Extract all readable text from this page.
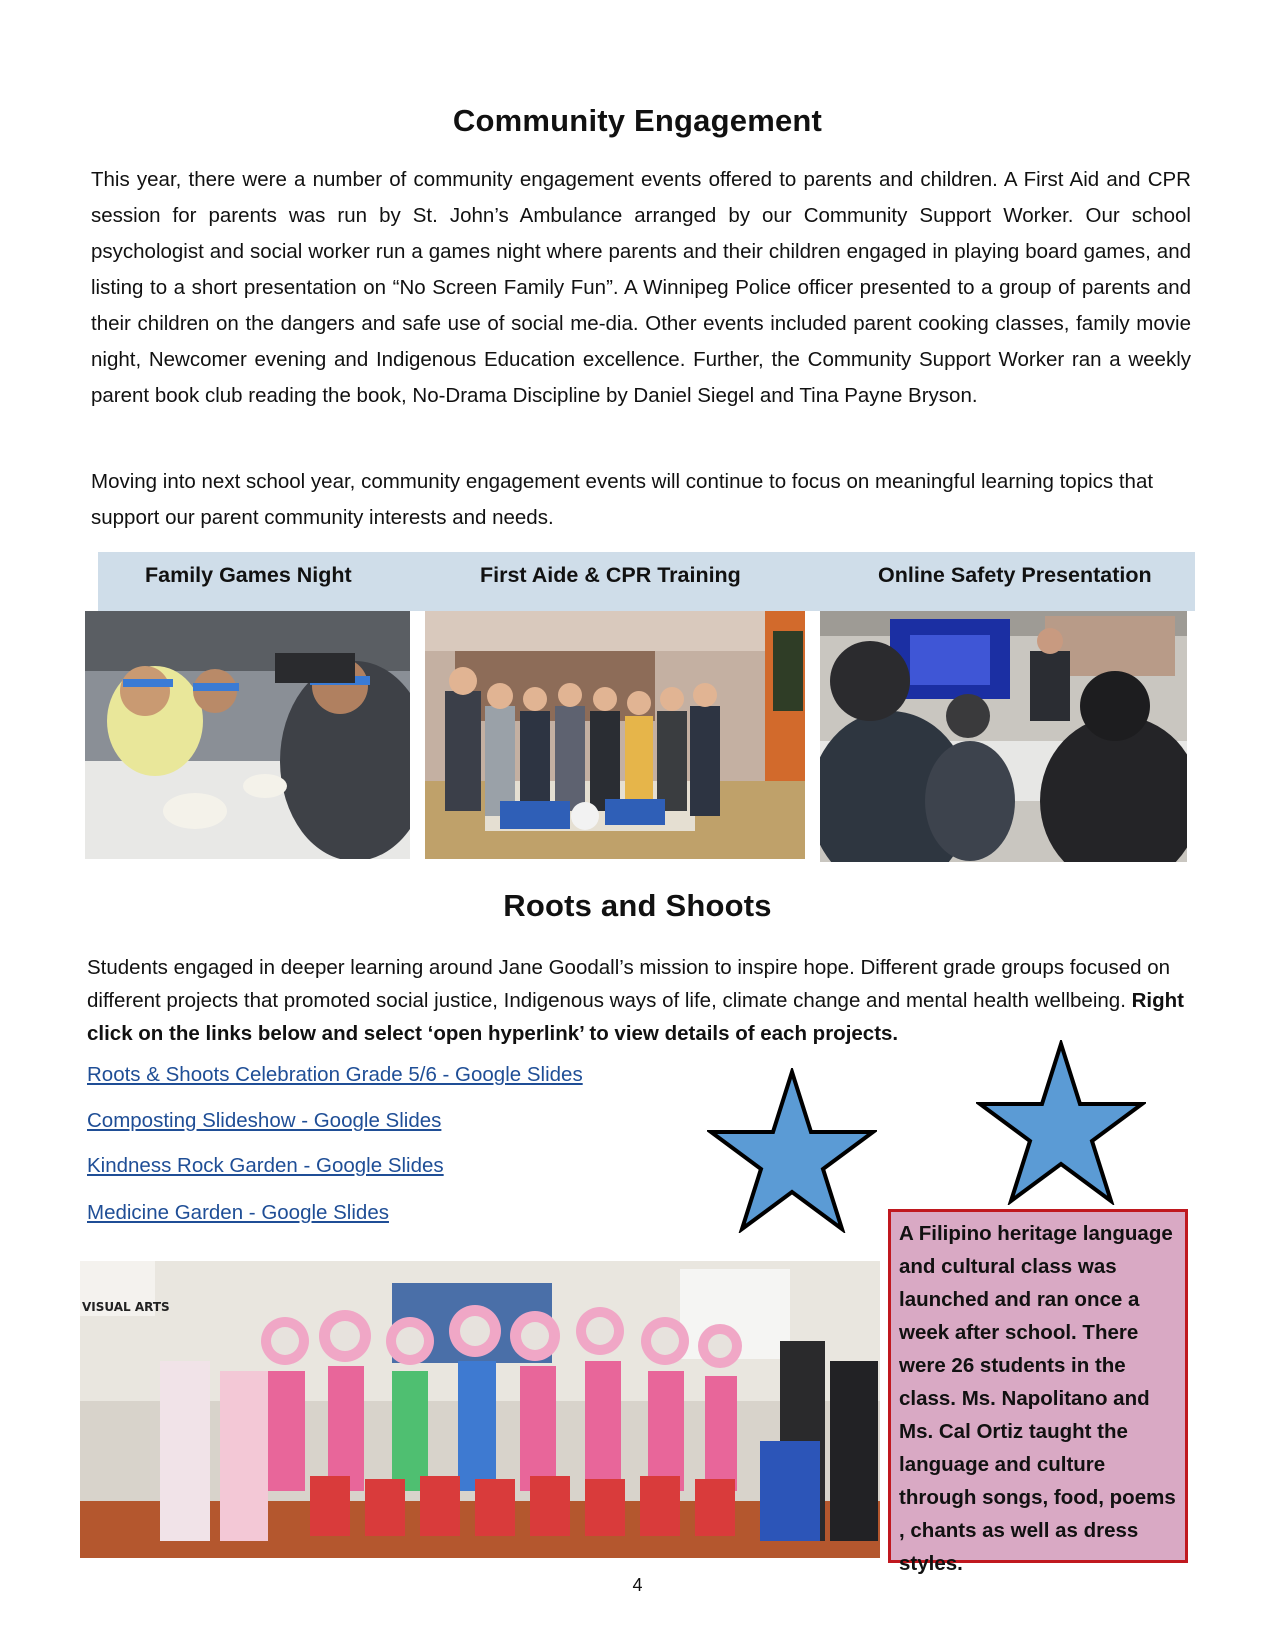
Community Engagement

This year, there were a number of community engagement events offered to parents and children. A First Aid and CPR session for parents was run by St. John’s Ambulance arranged by our Community Support Worker. Our school psychologist and social worker run a games night where parents and their children engaged in playing board games, and listing to a short presentation on “No Screen Family Fun”. A Winnipeg Police officer presented to a group of parents and their children on the dangers and safe use of social me-dia. Other events included parent cooking classes, family movie night, Newcomer evening and Indigenous Education excellence. Further, the Community Support Worker ran a weekly parent book club reading the book, No-Drama Discipline by Daniel Siegel and Tina Payne Bryson.

Moving into next school year, community engagement events will continue to focus on meaningful learning topics that support our parent community interests and needs.

Family Games Night	First Aide & CPR Training	Online Safety Presentation
Roots and Shoots

Students engaged in deeper learning around Jane Goodall’s mission to inspire hope. Different grade groups focused on different projects that promoted social justice, Indigenous ways of life, climate change and mental health wellbeing. Right click on the links below and select ‘open hyperlink’ to view details of each projects.

Roots & Shoots Celebration Grade 5/6 - Google Slides
Composting Slideshow - Google Slides
Kindness Rock Garden - Google Slides
Medicine Garden - Google Slides
VISUAL ARTS

A Filipino heritage language and cultural class was launched and ran once a week after school. There were 26 students in the class. Ms. Napolitano and Ms. Cal Ortiz taught the language and culture through songs, food, poems , chants as well as dress styles.

4
